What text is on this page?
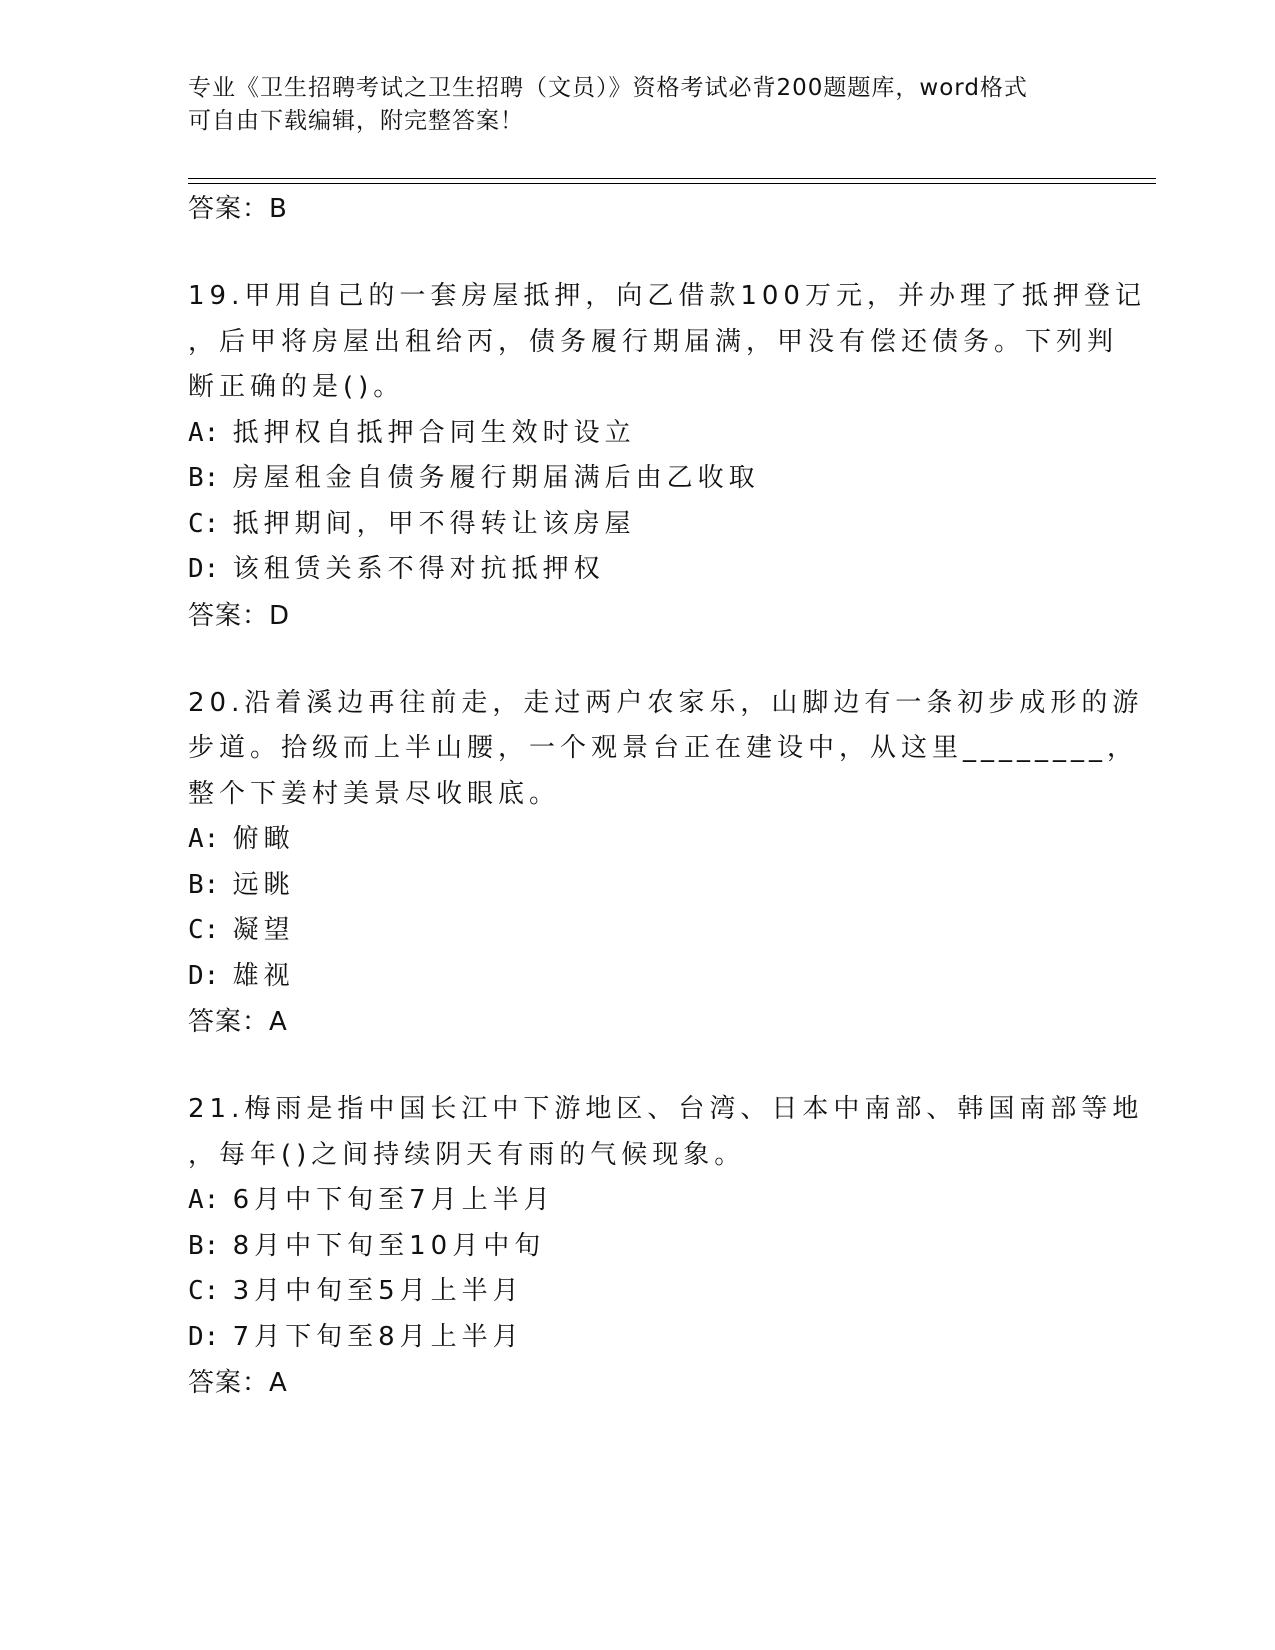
专业《卫生招聘考试之卫生招聘（文员）》资格考试必背200题题库，word格式
可自由下载编辑，附完整答案！
答案：B
19.甲用自己的一套房屋抵押，向乙借款100万元，并办理了抵押登记
，后甲将房屋出租给丙，债务履行期届满，甲没有偿还债务。下列判
断正确的是()。
A: 抵押权自抵押合同生效时设立
B: 房屋租金自债务履行期届满后由乙收取
C: 抵押期间，甲不得转让该房屋
D: 该租赁关系不得对抗抵押权
答案：D
20.沿着溪边再往前走，走过两户农家乐，山脚边有一条初步成形的游
步道。拾级而上半山腰，一个观景台正在建设中，从这里________，
整个下姜村美景尽收眼底。
A: 俯瞰
B: 远眺
C: 凝望
D: 雄视
答案：A
21.梅雨是指中国长江中下游地区、台湾、日本中南部、韩国南部等地
，每年()之间持续阴天有雨的气候现象。
A: 6月中下旬至7月上半月
B: 8月中下旬至10月中旬
C: 3月中旬至5月上半月
D: 7月下旬至8月上半月
答案：A
